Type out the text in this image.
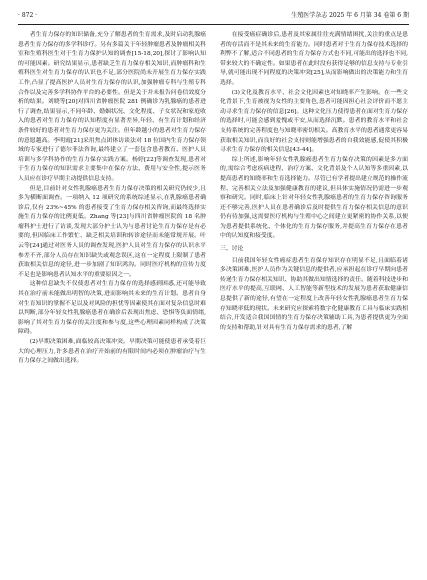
· 872 ·	生殖医学杂志 2025 年 6 月第 34 卷第 6 期

者生育力保存的知识储备,充分了解患者的生育需求,及时启动乳腺癌患者生育力保存的多学科诊疗。另有多篇关于年轻肿瘤患者及肿瘤相关科室和生殖科医生对于生育力保护认知的调查[15-18,20],探讨了影响认知的可能因素。研究结果显示,患者缺乏生育力保存相关知识,而肿瘤科和生殖科医生对生育力保存的认识也不足,部分医院尚未开展生育力保存实践工作,凸显了提高医护人员对生育力保存的认识,加强肿瘤专科与生殖专科合作以及完善多学科协作平台的必要性。但是关于并未报告问卷信效度分析的结果。刘晓等[20]对四川省肿瘤医院 281 例确诊为乳腺癌的患者进行了调查,结果显示,不同年龄、婚姻状况、文化程度、子女状况和家庭收入的患者对生育力保存的认知程度有显著差异,年轻、有生育计划和经济条件较好的患者对生育力保存更为关注。但年龄越小的患者对生育力保存的意愿越高。李明霞[21]采用焦点团体访谈法对 18 位国内生育力保存领域的专家进行了德尔菲法咨询,最终建立了一套包含患者教育、医护人员培训与多学科协作的生育力保存实践方案。杨婷[22]等调查发现,患者对于生育力保存的知识需求主要集中在保存方法、费用与安全性,提示医务人员应在诊疗早期主动提供信息支持。

但是,目前针对女性乳腺癌患者生育力保存决策的相关研究仍较少,且多为横断面调查。一项纳入 12 项研究的系统综述显示,在乳腺癌患者确诊后,仅有 23%~45% 的患者接受了生育力保存相关咨询,而最终选择实施生育力保存的比例更低。Zhang 等[23]与四川省肿瘤医院的 18 名肿瘤科护士进行了访谈,发现大部分护士认为与患者讨论生育力保存是有必要的,但因临床工作繁忙、缺乏相关培训和转诊途径而未能常规开展。叶云等[24]通过对医务人员的调查发现,医护人员对生育力保存的认识水平参差不齐,部分人员存在知识缺失或观念误区,这在一定程度上限制了患者获取相关信息的途径,进一步加剧了知识鸿沟。同时医疗机构的宣传力度不足也是影响患者认知水平的重要原因之一。

这种信息缺失不仅使患者对生育力保存的选择感到困惑,还可能导致其在治疗前未能做出明智的决策,进而影响其未来的生育计划。患者自身对生育知识的掌握不足以及对风险的担忧等因素使其在面对复杂信息时难以判断,部分年轻女性乳腺癌患者在确诊后表现出焦虑、恐惧等负面情绪,影响了其对生育力保存的关注度和参与度,这些心理因素同样构成了决策障碍。

(2)早期决策困难,面临较高决策冲突。早期决策可能使患者承受着巨大的心理压力,许多患者在治疗开始前的有限时间内必须在肿瘤治疗与生育力保存之间做出选择。

在接受癌症确诊后,患者及其家属往往充满情绪困扰,关注的重点是患者的存活而不是其未来的生育能力。同时患者对于生育力保存技术选择的利弊不了解,适合不同患者的生育力保存方式也不同,可能出的选择也不同,带来较大的不确定性。如果患者在此时没有获得足够的信息支持与专业引导,就可能出现不同程度的决策冲突[25],从而影响做出的决策能力和生育选择。

(3)文化及教育水平、社会文化因素也对知晓率产生影响。在一些文化背景下,生育被视为女性的主要角色,患者可能因担心社会评价而不愿主动寻求生育力保存的信息[26]。这种文化压力使得患者在面对生育力保存的选择时,可能会感到羞愧或不安,从而选择沉默。患者的教育水平和社会支持系统的完善程度也与知晓率密切相关。高教育水平的患者通常更容易获取相关知识,而良好的社会支持则能增强患者的自我效能感,促使其积极寻求生育力保存的相关信息[43-44]。

综上所述,影响年轻女性乳腺癌患者生育力保存决策的因素是多方面的,需综合考虑疾病进程、治疗方案、文化背景及个人认知等多重因素,以提高患者的知晓率和生育选择能力。尽管已有学者提出建立规范的操作流程、完善相关立法及加强健康教育的建议,但具体实施情况仍需进一步观察和研究。同时,临床上针对年轻女性乳腺癌患者的生育力保存咨询服务还不够完善,医护人员在患者确诊后及时提供生育力保存相关信息的意识仍有待加强,这需要医疗机构与生殖中心之间建立更紧密的协作关系,以便为患者提供系统化、个体化的生育力保存服务,并提高生育力保存在患者中的认知度和接受度。

三、讨论

目前我国年轻女性癌症患者生育保存知识存在明显不足,且面临着诸多决策困难,医护人员作为关键信息的提供者,应承担起在诊疗早期向患者传递生育力保存相关知识、协助其做出知情选择的责任。随着科技进步和医疗水平的提高,互联网、人工智能等新型技术的发展为患者获取健康信息提供了新的途径,有望在一定程度上改善年轻女性乳腺癌患者生育力保存知晓率低的现状。未来研究应探索将数字化健康教育工具与临床实践相结合,开发适合我国国情的生育力保存决策辅助工具,为患者提供更为全面的支持和帮助,针对具有生育力保存需求的患者,了解
